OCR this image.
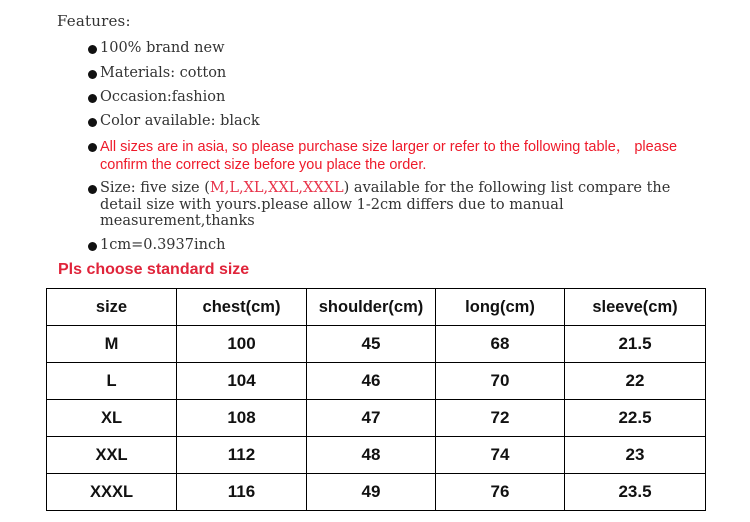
Features:
100% brand new
Materials: cotton
Occasion:fashion
Color available: black
All sizes are in asia, so please purchase size larger or refer to the following table， please confirm the correct size before you place the order.
Size: five size (M,L,XL,XXL,XXXL) available for the following list compare the detail size with yours.please allow 1-2cm differs due to manual measurement,thanks
1cm=0.3937inch
Pls choose standard size
size	chest(cm)	shoulder(cm)	long(cm)	sleeve(cm)
M	100	45	68	21.5
L	104	46	70	22
XL	108	47	72	22.5
XXL	112	48	74	23
XXXL	116	49	76	23.5
